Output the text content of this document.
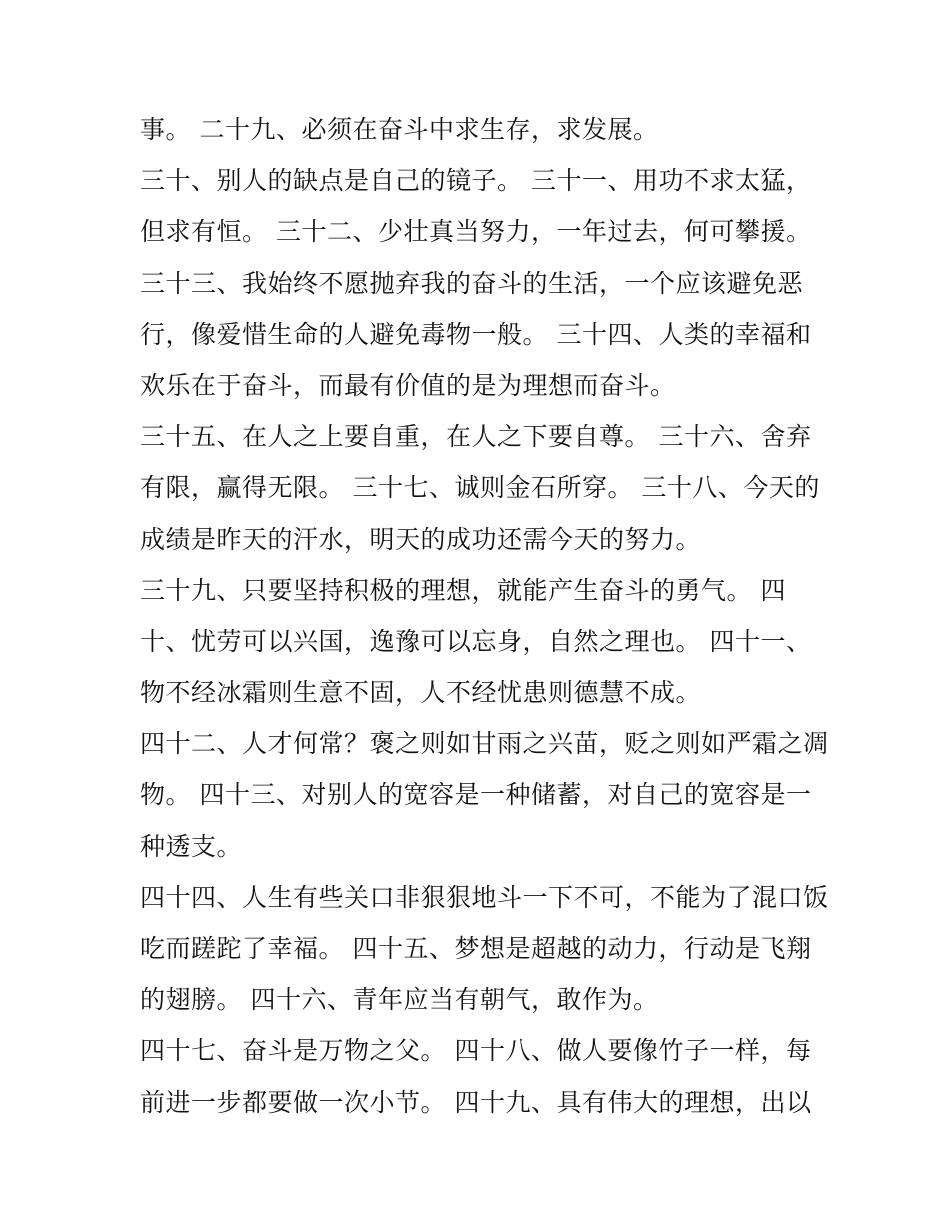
事。 二十九、必须在奋斗中求生存，求发展。
三十、别人的缺点是自己的镜子。 三十一、用功不求太猛，
但求有恒。 三十二、少壮真当努力，一年过去，何可攀援。
三十三、我始终不愿抛弃我的奋斗的生活，一个应该避免恶
行，像爱惜生命的人避免毒物一般。 三十四、人类的幸福和
欢乐在于奋斗，而最有价值的是为理想而奋斗。
三十五、在人之上要自重，在人之下要自尊。 三十六、舍弃
有限，赢得无限。 三十七、诚则金石所穿。 三十八、今天的
成绩是昨天的汗水，明天的成功还需今天的努力。
三十九、只要坚持积极的理想，就能产生奋斗的勇气。 四
十、忧劳可以兴国，逸豫可以忘身，自然之理也。 四十一、
物不经冰霜则生意不固，人不经忧患则德慧不成。
四十二、人才何常？褒之则如甘雨之兴苗，贬之则如严霜之凋
物。 四十三、对别人的宽容是一种储蓄，对自己的宽容是一
种透支。
四十四、人生有些关口非狠狠地斗一下不可，不能为了混口饭
吃而蹉跎了幸福。 四十五、梦想是超越的动力，行动是飞翔
的翅膀。 四十六、青年应当有朝气，敢作为。
四十七、奋斗是万物之父。 四十八、做人要像竹子一样，每
前进一步都要做一次小节。 四十九、具有伟大的理想，出以
